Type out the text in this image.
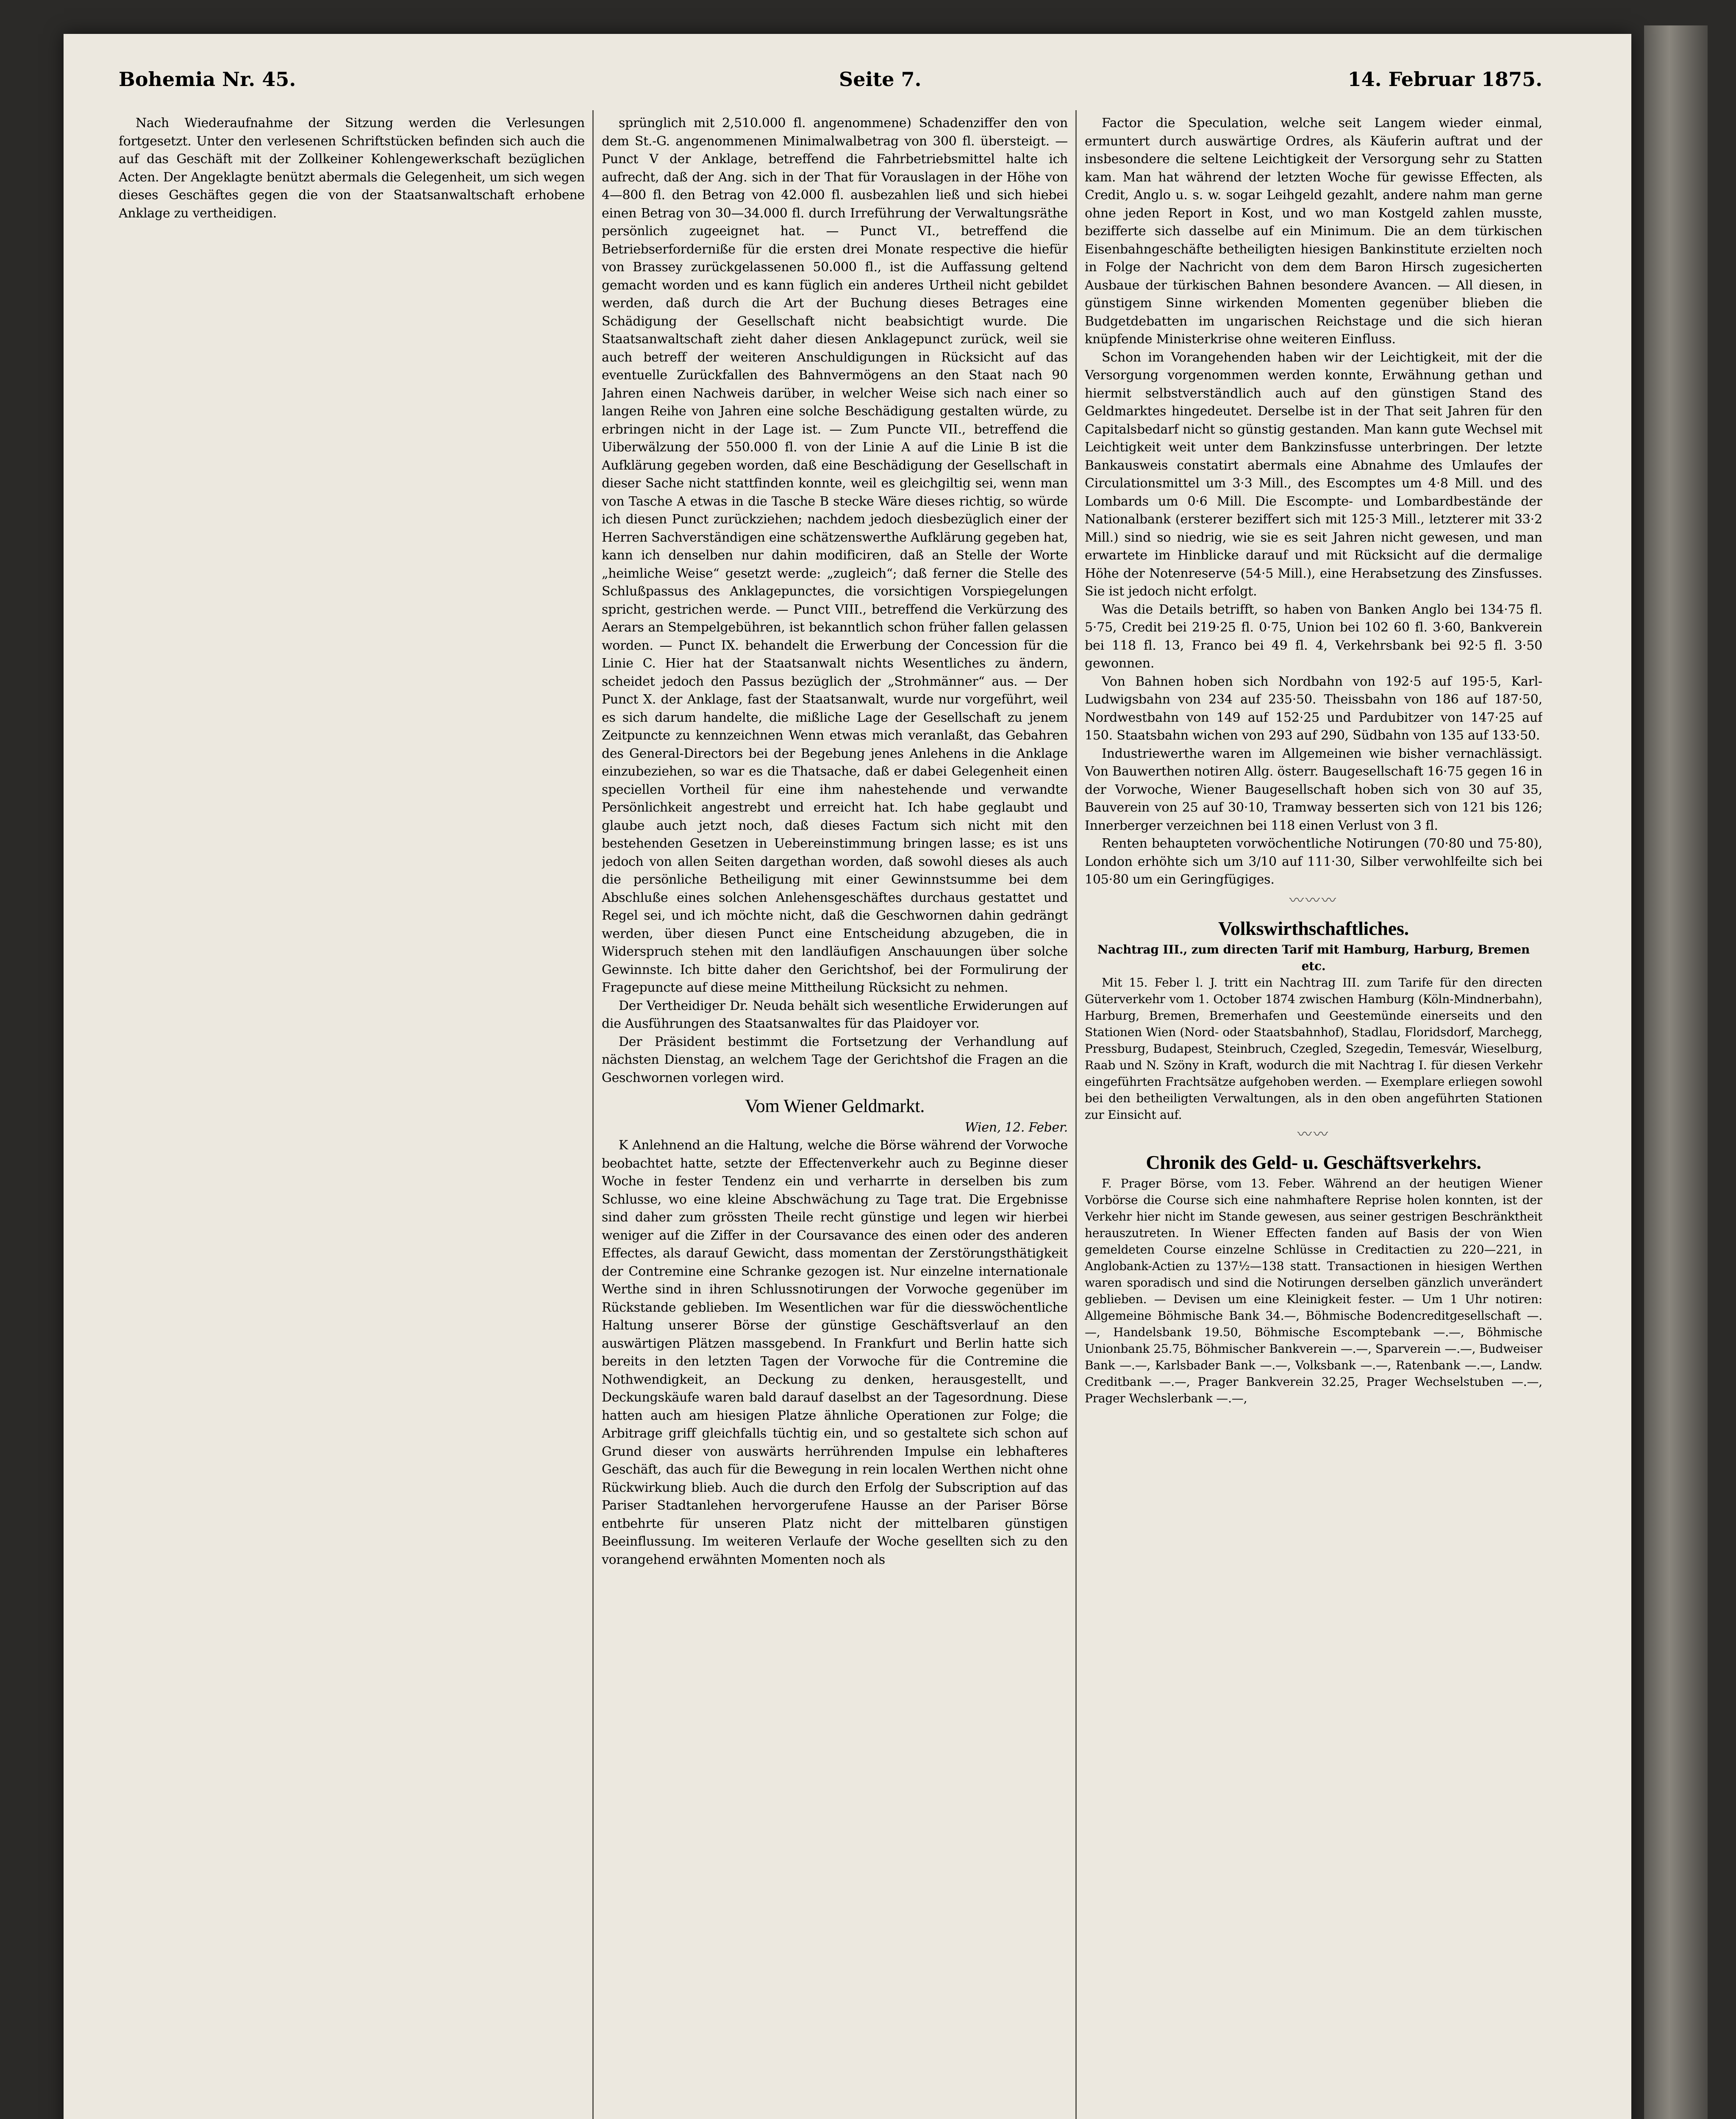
Bohemia Nr. 45.	Seite 7.	14. Februar 1875.

Nach Wiederaufnahme der Sitzung werden die Verlesungen fortgesetzt. Unter den verlesenen Schriftstücken befinden sich auch die auf das Geschäft mit der Zollkeiner Kohlengewerkschaft bezüglichen Acten. Der Angeklagte benützt abermals die Gelegenheit, um sich wegen dieses Geschäftes gegen die von der Staatsanwaltschaft erhobene Anklage zu vertheidigen.

sprünglich mit 2,510.000 fl. angenommene) Schadenziffer den von dem St.-G. angenommenen Minimalwalbetrag von 300 fl. übersteigt. — Punct V der Anklage, betreffend die Fahrbetriebsmittel halte ich aufrecht, daß der Ang. sich in der That für Vorauslagen in der Höhe von 4—800 fl. den Betrag von 42.000 fl. ausbezahlen ließ und sich hiebei einen Betrag von 30—34.000 fl. durch Irreführung der Verwaltungsräthe persönlich zugeeignet hat. — Punct VI., betreffend die Betriebserforderniße für die ersten drei Monate respective die hiefür von Brassey zurückgelassenen 50.000 fl., ist die Auffassung geltend gemacht worden und es kann füglich ein anderes Urtheil nicht gebildet werden, daß durch die Art der Buchung dieses Betrages eine Schädigung der Gesellschaft nicht beabsichtigt wurde. Die Staatsanwaltschaft zieht daher diesen Anklagepunct zurück, weil sie auch betreff der weiteren Anschuldigungen in Rücksicht auf das eventuelle Zurückfallen des Bahnvermögens an den Staat nach 90 Jahren einen Nachweis darüber, in welcher Weise sich nach einer so langen Reihe von Jahren eine solche Beschädigung gestalten würde, zu erbringen nicht in der Lage ist. — Zum Puncte VII., betreffend die Uiberwälzung der 550.000 fl. von der Linie A auf die Linie B ist die Aufklärung gegeben worden, daß eine Beschädigung der Gesellschaft in dieser Sache nicht stattfinden konnte, weil es gleichgiltig sei, wenn man von Tasche A etwas in die Tasche B stecke Wäre dieses richtig, so würde ich diesen Punct zurückziehen; nachdem jedoch diesbezüglich einer der Herren Sachverständigen eine schätzenswerthe Aufklärung gegeben hat, kann ich denselben nur dahin modificiren, daß an Stelle der Worte „heimliche Weise“ gesetzt werde: „zugleich“; daß ferner die Stelle des Schlußpassus des Anklagepunctes, die vorsichtigen Vorspiegelungen spricht, gestrichen werde. — Punct VIII., betreffend die Verkürzung des Aerars an Stempelgebühren, ist bekanntlich schon früher fallen gelassen worden. — Punct IX. behandelt die Erwerbung der Concession für die Linie C. Hier hat der Staatsanwalt nichts Wesentliches zu ändern, scheidet jedoch den Passus bezüglich der „Strohmänner“ aus. — Der Punct X. der Anklage, fast der Staatsanwalt, wurde nur vorgeführt, weil es sich darum handelte, die mißliche Lage der Gesellschaft zu jenem Zeitpuncte zu kennzeichnen Wenn etwas mich veranlaßt, das Gebahren des General-Directors bei der Begebung jenes Anlehens in die Anklage einzubeziehen, so war es die Thatsache, daß er dabei Gelegenheit einen speciellen Vortheil für eine ihm nahestehende und verwandte Persönlichkeit angestrebt und erreicht hat. Ich habe geglaubt und glaube auch jetzt noch, daß dieses Factum sich nicht mit den bestehenden Gesetzen in Uebereinstimmung bringen lasse; es ist uns jedoch von allen Seiten dargethan worden, daß sowohl dieses als auch die persönliche Betheiligung mit einer Gewinnstsumme bei dem Abschluße eines solchen Anlehensgeschäftes durchaus gestattet und Regel sei, und ich möchte nicht, daß die Geschwornen dahin gedrängt werden, über diesen Punct eine Entscheidung abzugeben, die in Widerspruch stehen mit den landläufigen Anschauungen über solche Gewinnste. Ich bitte daher den Gerichtshof, bei der Formulirung der Fragepuncte auf diese meine Mittheilung Rücksicht zu nehmen.

Der Vertheidiger Dr. Neuda behält sich wesentliche Erwiderungen auf die Ausführungen des Staatsanwaltes für das Plaidoyer vor.

Der Präsident bestimmt die Fortsetzung der Verhandlung auf nächsten Dienstag, an welchem Tage der Gerichtshof die Fragen an die Geschwornen vorlegen wird.

Vom Wiener Geldmarkt.

Wien, 12. Feber.

K Anlehnend an die Haltung, welche die Börse während der Vorwoche beobachtet hatte, setzte der Effectenverkehr auch zu Beginne dieser Woche in fester Tendenz ein und verharrte in derselben bis zum Schlusse, wo eine kleine Abschwächung zu Tage trat. Die Ergebnisse sind daher zum grössten Theile recht günstige und legen wir hierbei weniger auf die Ziffer in der Coursavance des einen oder des anderen Effectes, als darauf Gewicht, dass momentan der Zerstörungsthätigkeit der Contremine eine Schranke gezogen ist. Nur einzelne internationale Werthe sind in ihren Schlussnotirungen der Vorwoche gegenüber im Rückstande geblieben. Im Wesentlichen war für die diesswöchentliche Haltung unserer Börse der günstige Geschäftsverlauf an den auswärtigen Plätzen massgebend. In Frankfurt und Berlin hatte sich bereits in den letzten Tagen der Vorwoche für die Contremine die Nothwendigkeit, an Deckung zu denken, herausgestellt, und Deckungskäufe waren bald darauf daselbst an der Tagesordnung. Diese hatten auch am hiesigen Platze ähnliche Operationen zur Folge; die Arbitrage griff gleichfalls tüchtig ein, und so gestaltete sich schon auf Grund dieser von auswärts herrührenden Impulse ein lebhafteres Geschäft, das auch für die Bewegung in rein localen Werthen nicht ohne Rückwirkung blieb. Auch die durch den Erfolg der Subscription auf das Pariser Stadtanlehen hervorgerufene Hausse an der Pariser Börse entbehrte für unseren Platz nicht der mittelbaren günstigen Beeinflussung. Im weiteren Verlaufe der Woche gesellten sich zu den vorangehend erwähnten Momenten noch als

Factor die Speculation, welche seit Langem wieder einmal, ermuntert durch auswärtige Ordres, als Käuferin auftrat und der insbesondere die seltene Leichtigkeit der Versorgung sehr zu Statten kam. Man hat während der letzten Woche für gewisse Effecten, als Credit, Anglo u. s. w. sogar Leihgeld gezahlt, andere nahm man gerne ohne jeden Report in Kost, und wo man Kostgeld zahlen musste, bezifferte sich dasselbe auf ein Minimum. Die an dem türkischen Eisenbahngeschäfte betheiligten hiesigen Bankinstitute erzielten noch in Folge der Nachricht von dem dem Baron Hirsch zugesicherten Ausbaue der türkischen Bahnen besondere Avancen. — All diesen, in günstigem Sinne wirkenden Momenten gegenüber blieben die Budgetdebatten im ungarischen Reichstage und die sich hieran knüpfende Ministerkrise ohne weiteren Einfluss.

Schon im Vorangehenden haben wir der Leichtigkeit, mit der die Versorgung vorgenommen werden konnte, Erwähnung gethan und hiermit selbstverständlich auch auf den günstigen Stand des Geldmarktes hingedeutet. Derselbe ist in der That seit Jahren für den Capitalsbedarf nicht so günstig gestanden. Man kann gute Wechsel mit Leichtigkeit weit unter dem Bankzinsfusse unterbringen. Der letzte Bankausweis constatirt abermals eine Abnahme des Umlaufes der Circulationsmittel um 3·3 Mill., des Escomptes um 4·8 Mill. und des Lombards um 0·6 Mill. Die Escompte- und Lombardbestände der Nationalbank (ersterer beziffert sich mit 125·3 Mill., letzterer mit 33·2 Mill.) sind so niedrig, wie sie es seit Jahren nicht gewesen, und man erwartete im Hinblicke darauf und mit Rücksicht auf die dermalige Höhe der Notenreserve (54·5 Mill.), eine Herabsetzung des Zinsfusses. Sie ist jedoch nicht erfolgt.

Was die Details betrifft, so haben von Banken Anglo bei 134·75 fl. 5·75, Credit bei 219·25 fl. 0·75, Union bei 102 60 fl. 3·60, Bankverein bei 118 fl. 13, Franco bei 49 fl. 4, Verkehrsbank bei 92·5 fl. 3·50 gewonnen.

Von Bahnen hoben sich Nordbahn von 192·5 auf 195·5, Karl-Ludwigsbahn von 234 auf 235·50. Theissbahn von 186 auf 187·50, Nordwestbahn von 149 auf 152·25 und Pardubitzer von 147·25 auf 150. Staatsbahn wichen von 293 auf 290, Südbahn von 135 auf 133·50.

Industriewerthe waren im Allgemeinen wie bisher vernachlässigt. Von Bauwerthen notiren Allg. österr. Baugesellschaft 16·75 gegen 16 in der Vorwoche, Wiener Baugesellschaft hoben sich von 30 auf 35, Bauverein von 25 auf 30·10, Tramway besserten sich von 121 bis 126; Innerberger verzeichnen bei 118 einen Verlust von 3 fl.

Renten behaupteten vorwöchentliche Notirungen (70·80 und 75·80), London erhöhte sich um 3/10 auf 111·30, Silber verwohlfeilte sich bei 105·80 um ein Geringfügiges.

〰〰〰
Volkswirthschaftliches.

Nachtrag III., zum directen Tarif mit Hamburg, Harburg, Bremen etc.

Mit 15. Feber l. J. tritt ein Nachtrag III. zum Tarife für den directen Güterverkehr vom 1. October 1874 zwischen Hamburg (Köln-Mindnerbahn), Harburg, Bremen, Bremerhafen und Geestemünde einerseits und den Stationen Wien (Nord- oder Staatsbahnhof), Stadlau, Floridsdorf, Marchegg, Pressburg, Budapest, Steinbruch, Czegled, Szegedin, Temesvár, Wieselburg, Raab und N. Szöny in Kraft, wodurch die mit Nachtrag I. für diesen Verkehr eingeführten Frachtsätze aufgehoben werden. — Exemplare erliegen sowohl bei den betheiligten Verwaltungen, als in den oben angeführten Stationen zur Einsicht auf.

〰〰
Chronik des Geld- u. Geschäftsverkehrs.

F. Prager Börse, vom 13. Feber. Während an der heutigen Wiener Vorbörse die Course sich eine nahmhaftere Reprise holen konnten, ist der Verkehr hier nicht im Stande gewesen, aus seiner gestrigen Beschränktheit herauszutreten. In Wiener Effecten fanden auf Basis der von Wien gemeldeten Course einzelne Schlüsse in Creditactien zu 220—221, in Anglobank-Actien zu 137½—138 statt. Transactionen in hiesigen Werthen waren sporadisch und sind die Notirungen derselben gänzlich unverändert geblieben. — Devisen um eine Kleinigkeit fester. — Um 1 Uhr notiren: Allgemeine Böhmische Bank 34.—, Böhmische Bodencreditgesellschaft —.—, Handelsbank 19.50, Böhmische Escomptebank —.—, Böhmische Unionbank 25.75, Böhmischer Bankverein —.—, Sparverein —.—, Budweiser Bank —.—, Karlsbader Bank —.—, Volksbank —.—, Ratenbank —.—, Landw. Creditbank —.—, Prager Bankverein 32.25, Prager Wechselstuben —.—, Prager Wechslerbank —.—,
